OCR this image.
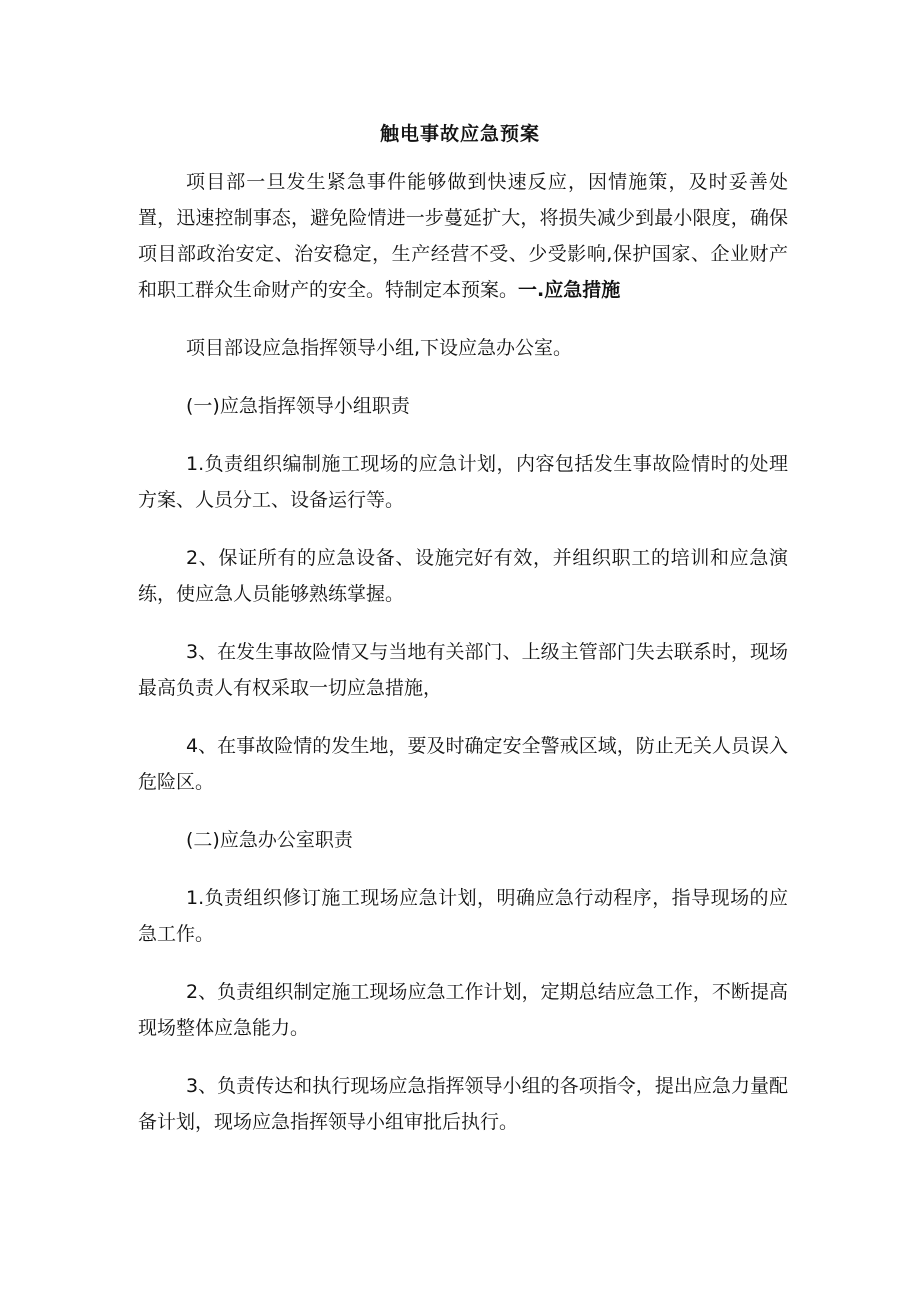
触电事故应急预案

项目部一旦发生紧急事件能够做到快速反应，因情施策，及时妥善处置，迅速控制事态，避免险情进一步蔓延扩大，将损失减少到最小限度，确保项目部政治安定、治安稳定，生产经营不受、少受影响,保护国家、企业财产和职工群众生命财产的安全。特制定本预案。一.应急措施

项目部设应急指挥领导小组,下设应急办公室。

(一)应急指挥领导小组职责

1.负责组织编制施工现场的应急计划，内容包括发生事故险情时的处理方案、人员分工、设备运行等。

2、保证所有的应急设备、设施完好有效，并组织职工的培训和应急演练，使应急人员能够熟练掌握。

3、在发生事故险情又与当地有关部门、上级主管部门失去联系时，现场最高负责人有权采取一切应急措施，

4、在事故险情的发生地，要及时确定安全警戒区域，防止无关人员误入危险区。

(二)应急办公室职责

1.负责组织修订施工现场应急计划，明确应急行动程序，指导现场的应急工作。

2、负责组织制定施工现场应急工作计划，定期总结应急工作，不断提高现场整体应急能力。

3、负责传达和执行现场应急指挥领导小组的各项指令，提出应急力量配备计划，现场应急指挥领导小组审批后执行。
